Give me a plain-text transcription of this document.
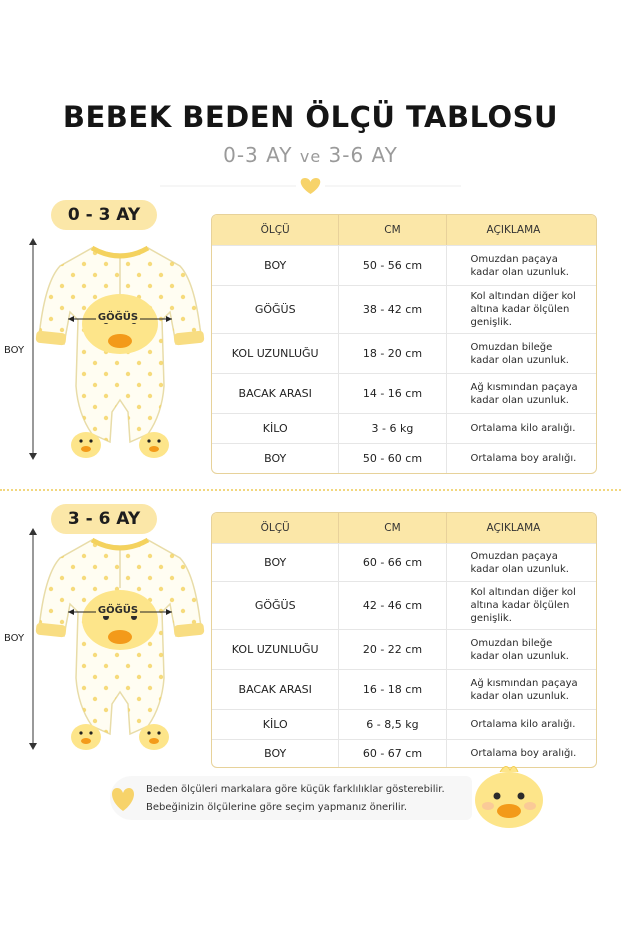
BEBEK BEDEN ÖLÇÜ TABLOSU
0-3 AY ve 3-6 AY
0 - 3 AY
BOY
GÖĞÜS
ÖLÇÜ	CM	AÇIKLAMA
BOY	50 - 56 cm	Omuzdan paçaya
kadar olan uzunluk.

GÖĞÜS	38 - 42 cm	Kol altından diğer kol
altına kadar ölçülen
genişlik.

KOL UZUNLUĞU	18 - 20 cm	Omuzdan bileğe
kadar olan uzunluk.

BACAK ARASI	14 - 16 cm	Ağ kısmından paçaya
kadar olan uzunluk.

KİLO	3 - 6 kg	Ortalama kilo aralığı.

BOY	50 - 60 cm	Ortalama boy aralığı.
3 - 6 AY
BOY
GÖĞÜS
ÖLÇÜ	CM	AÇIKLAMA
BOY	60 - 66 cm	Omuzdan paçaya
kadar olan uzunluk.

GÖĞÜS	42 - 46 cm	Kol altından diğer kol
altına kadar ölçülen
genişlik.

KOL UZUNLUĞU	20 - 22 cm	Omuzdan bileğe
kadar olan uzunluk.

BACAK ARASI	16 - 18 cm	Ağ kısmından paçaya
kadar olan uzunluk.

KİLO	6 - 8,5 kg	Ortalama kilo aralığı.

BOY	60 - 67 cm	Ortalama boy aralığı.
Beden ölçüleri markalara göre küçük farklılıklar gösterebilir.
Bebeğinizin ölçülerine göre seçim yapmanız önerilir.
